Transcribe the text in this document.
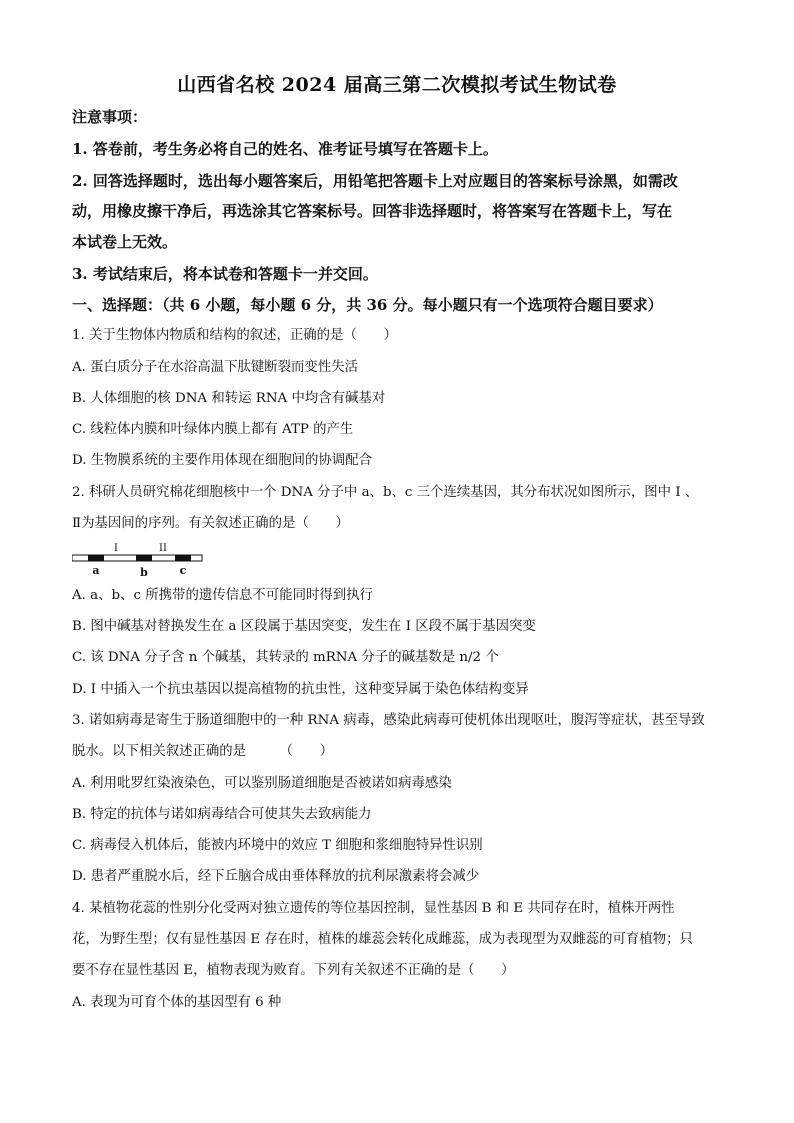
山西省名校 2024 届高三第二次模拟考试生物试卷
注意事项：
1. 答卷前，考生务必将自己的姓名、准考证号填写在答题卡上。
2. 回答选择题时，选出每小题答案后，用铅笔把答题卡上对应题目的答案标号涂黑，如需改
动，用橡皮擦干净后，再选涂其它答案标号。回答非选择题时，将答案写在答题卡上，写在
本试卷上无效。
3. 考试结束后，将本试卷和答题卡一并交回。
一、选择题：（共 6 小题，每小题 6 分，共 36 分。每小题只有一个选项符合题目要求）
1. 关于生物体内物质和结构的叙述，正确的是（　　）
A. 蛋白质分子在水浴高温下肽键断裂而变性失活
B. 人体细胞的核 DNA 和转运 RNA 中均含有碱基对
C. 线粒体内膜和叶绿体内膜上都有 ATP 的产生
D. 生物膜系统的主要作用体现在细胞间的协调配合
2. 科研人员研究棉花细胞核中一个 DNA 分子中 a、b、c 三个连续基因，其分布状况如图所示，图中 Ⅰ 、
Ⅱ为基因间的序列。有关叙述正确的是（　　）
I	II
a	b	c
A. a、b、c 所携带的遗传信息不可能同时得到执行
B. 图中碱基对替换发生在 a 区段属于基因突变，发生在 Ⅰ 区段不属于基因突变
C. 该 DNA 分子含 n 个碱基，其转录的 mRNA 分子的碱基数是 n/2 个
D. Ⅰ 中插入一个抗虫基因以提高植物的抗虫性，这种变异属于染色体结构变异
3. 诺如病毒是寄生于肠道细胞中的一种 RNA 病毒，感染此病毒可使机体出现呕吐，腹泻等症状，甚至导致
脱水。以下相关叙述正确的是　　　（　　）
A. 利用吡罗红染液染色，可以鉴别肠道细胞是否被诺如病毒感染
B. 特定的抗体与诺如病毒结合可使其失去致病能力
C. 病毒侵入机体后，能被内环境中的效应 T 细胞和浆细胞特异性识别
D. 患者严重脱水后，经下丘脑合成由垂体释放的抗利尿激素将会减少
4. 某植物花蕊的性别分化受两对独立遗传的等位基因控制，显性基因 B 和 E 共同存在时，植株开两性
花，为野生型；仅有显性基因 E 存在时，植株的雄蕊会转化成雌蕊，成为表现型为双雌蕊的可育植物；只
要不存在显性基因 E，植物表现为败育。下列有关叙述不正确的是（　　）
A. 表现为可育个体的基因型有 6 种
